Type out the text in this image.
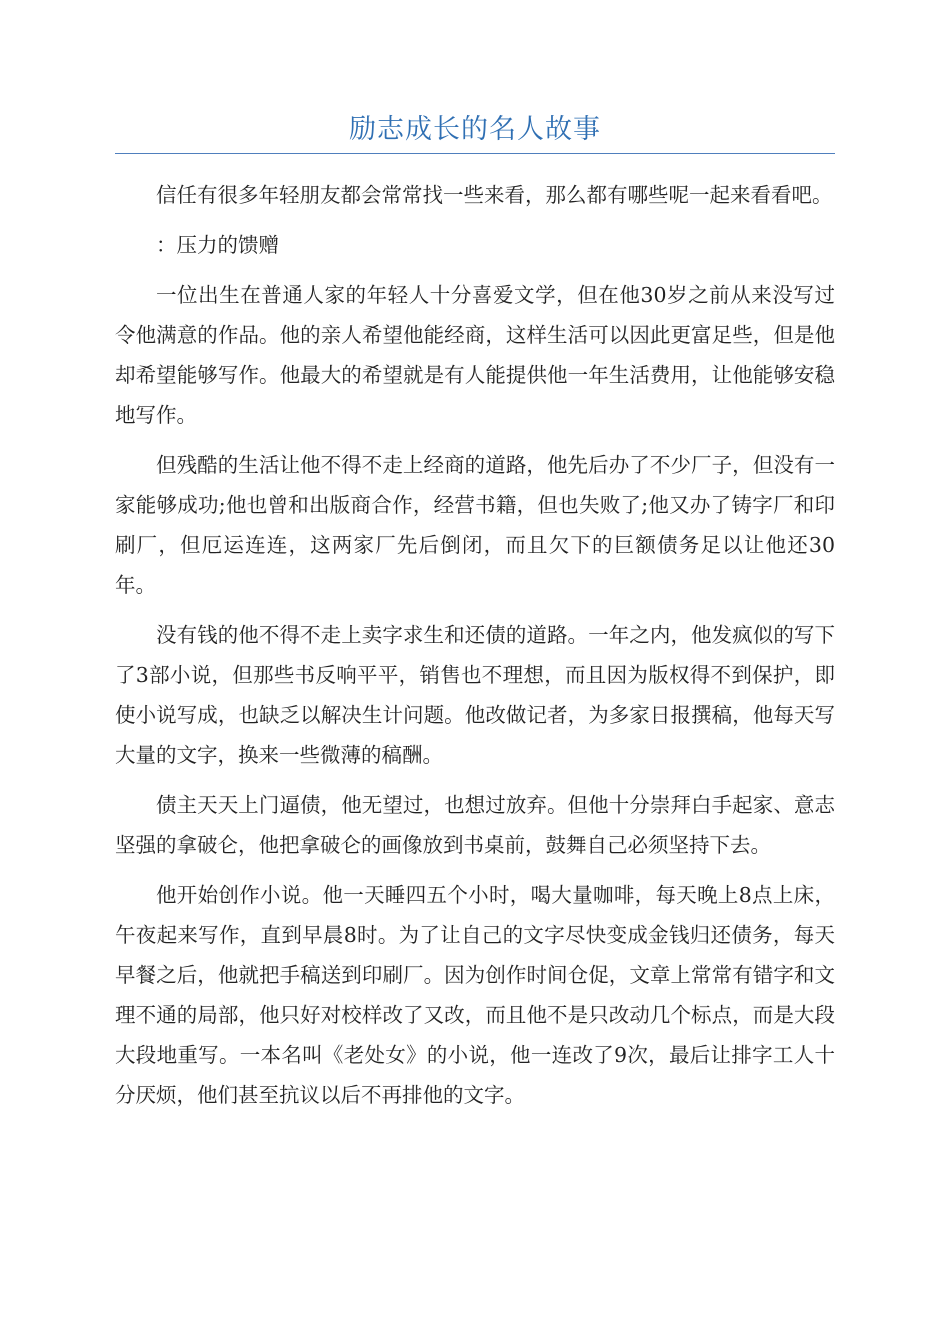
励志成长的名人故事

信任有很多年轻朋友都会常常找一些来看，那么都有哪些呢一起来看看吧。

：压力的馈赠

一位出生在普通人家的年轻人十分喜爱文学，但在他30岁之前从来没写过令他满意的作品。他的亲人希望他能经商，这样生活可以因此更富足些，但是他却希望能够写作。他最大的希望就是有人能提供他一年生活费用，让他能够安稳地写作。

但残酷的生活让他不得不走上经商的道路，他先后办了不少厂子，但没有一家能够成功;他也曾和出版商合作，经营书籍，但也失败了;他又办了铸字厂和印刷厂，但厄运连连，这两家厂先后倒闭，而且欠下的巨额债务足以让他还30年。

没有钱的他不得不走上卖字求生和还债的道路。一年之内，他发疯似的写下了3部小说，但那些书反响平平，销售也不理想，而且因为版权得不到保护，即使小说写成，也缺乏以解决生计问题。他改做记者，为多家日报撰稿，他每天写大量的文字，换来一些微薄的稿酬。

债主天天上门逼债，他无望过，也想过放弃。但他十分崇拜白手起家、意志坚强的拿破仑，他把拿破仑的画像放到书桌前，鼓舞自己必须坚持下去。

他开始创作小说。他一天睡四五个小时，喝大量咖啡，每天晚上8点上床，午夜起来写作，直到早晨8时。为了让自己的文字尽快变成金钱归还债务，每天早餐之后，他就把手稿送到印刷厂。因为创作时间仓促，文章上常常有错字和文理不通的局部，他只好对校样改了又改，而且他不是只改动几个标点，而是大段大段地重写。一本名叫《老处女》的小说，他一连改了9次，最后让排字工人十分厌烦，他们甚至抗议以后不再排他的文字。
